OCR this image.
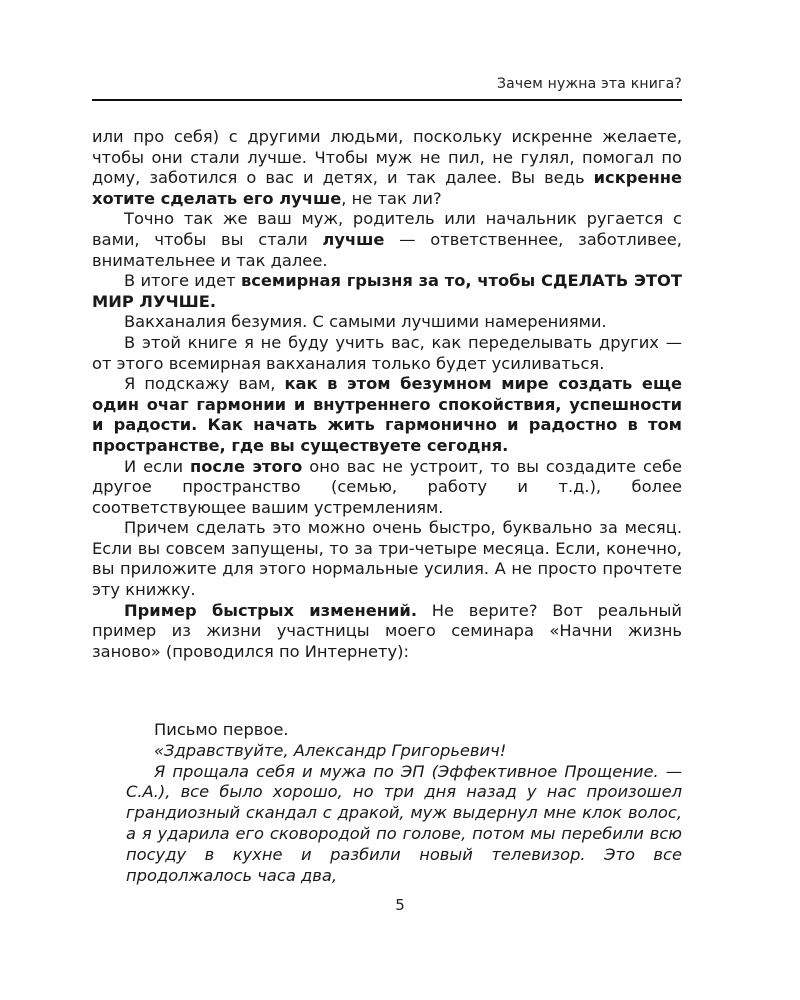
Зачем нужна эта книга?

или про себя) с другими людьми, поскольку искренне желаете, чтобы они стали лучше. Чтобы муж не пил, не гулял, помогал по дому, заботился о вас и детях, и так далее. Вы ведь искренне хотите сделать его лучше, не так ли?

Точно так же ваш муж, родитель или начальник ругается с вами, чтобы вы стали лучше — ответственнее, заботливее, внимательнее и так далее.

В итоге идет всемирная грызня за то, чтобы СДЕЛАТЬ ЭТОТ МИР ЛУЧШЕ.

Вакханалия безумия. С самыми лучшими намерениями.

В этой книге я не буду учить вас, как переделывать других — от этого всемирная вакханалия только будет усиливаться.

Я подскажу вам, как в этом безумном мире создать еще один очаг гармонии и внутреннего спокойствия, успешности и радости. Как начать жить гармонично и радостно в том пространстве, где вы существуете сегодня.

И если после этого оно вас не устроит, то вы создадите себе другое пространство (семью, работу и т.д.), более соответствующее вашим устремлениям.

Причем сделать это можно очень быстро, буквально за месяц. Если вы совсем запущены, то за три-четыре месяца. Если, конечно, вы приложите для этого нормальные усилия. А не просто прочтете эту книжку.

Пример быстрых изменений. Не верите? Вот реальный пример из жизни участницы моего семинара «Начни жизнь заново» (проводился по Интернету):

Письмо первое.

«Здравствуйте, Александр Григорьевич!

Я прощала себя и мужа по ЭП (Эффективное Прощение. — С.А.), все было хорошо, но три дня назад у нас произошел грандиозный скандал с дракой, муж выдернул мне клок волос, а я ударила его сковородой по голове, потом мы перебили всю посуду в кухне и разбили новый телевизор. Это все продолжалось часа два,

5
